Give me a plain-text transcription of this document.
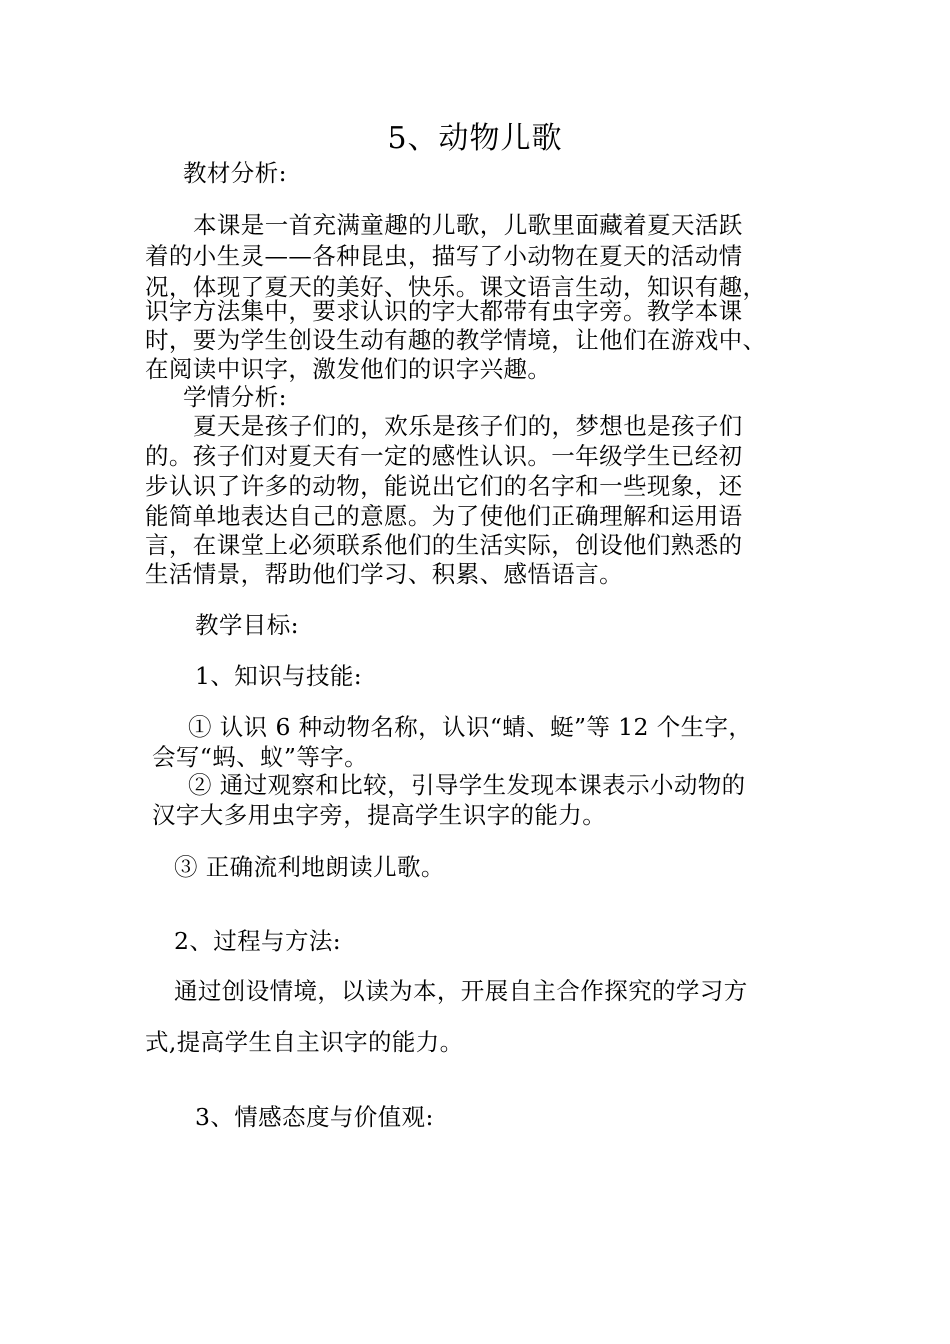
5、动物儿歌
教材分析:
本课是一首充满童趣的儿歌，儿歌里面藏着夏天活跃
着的小生灵——各种昆虫，描写了小动物在夏天的活动情
况，体现了夏天的美好、快乐。课文语言生动，知识有趣，
识字方法集中，要求认识的字大都带有虫字旁。教学本课
时，要为学生创设生动有趣的教学情境，让他们在游戏中、
在阅读中识字，激发他们的识字兴趣。
学情分析:
夏天是孩子们的，欢乐是孩子们的，梦想也是孩子们
的。孩子们对夏天有一定的感性认识。一年级学生已经初
步认识了许多的动物，能说出它们的名字和一些现象，还
能简单地表达自己的意愿。为了使他们正确理解和运用语
言，在课堂上必须联系他们的生活实际，创设他们熟悉的
生活情景，帮助他们学习、积累、感悟语言。
教学目标:
1、知识与技能:
① 认识 6 种动物名称，认识“蜻、蜓”等 12 个生字，
会写“蚂、蚁”等字。
② 通过观察和比较，引导学生发现本课表示小动物的
汉字大多用虫字旁，提高学生识字的能力。
③ 正确流利地朗读儿歌。
2、过程与方法:
通过创设情境，以读为本，开展自主合作探究的学习方
式,提高学生自主识字的能力。
3、情感态度与价值观:
